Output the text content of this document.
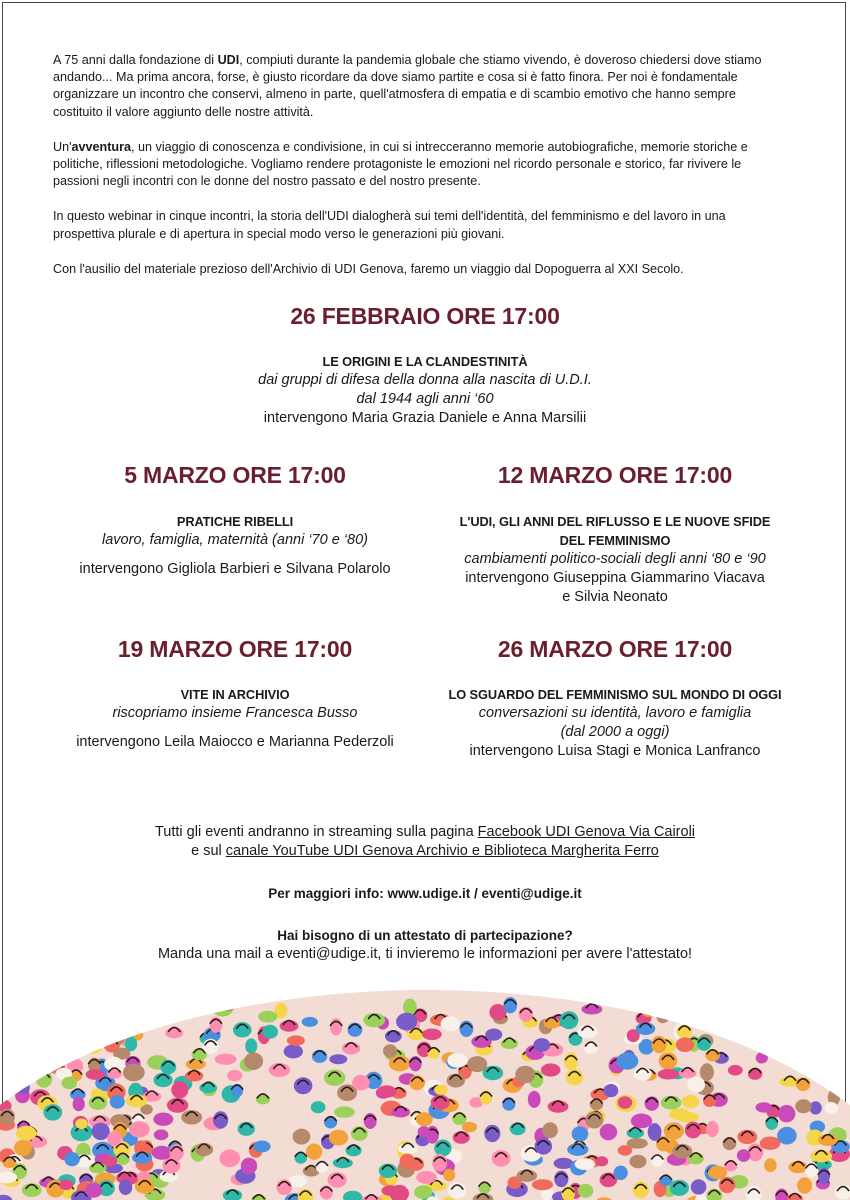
A 75 anni dalla fondazione di UDI, compiuti durante la pandemia globale che stiamo vivendo, è doveroso chiedersi dove stiamo andando... Ma prima ancora, forse, è giusto ricordare da dove siamo partite e cosa si è fatto finora. Per noi è fondamentale organizzare un incontro che conservi, almeno in parte, quell'atmosfera di empatia e di scambio emotivo che hanno sempre costituito il valore aggiunto delle nostre attività.

Un'avventura, un viaggio di conoscenza e condivisione, in cui si intrecceranno memorie autobiografiche, memorie storiche e politiche, riflessioni metodologiche. Vogliamo rendere protagoniste le emozioni nel ricordo personale e storico, far rivivere le passioni negli incontri con le donne del nostro passato e del nostro presente.

In questo webinar in cinque incontri, la storia dell'UDI dialogherà sui temi dell'identità, del femminismo e del lavoro in una prospettiva plurale e di apertura in special modo verso le generazioni più giovani.

Con l'ausilio del materiale prezioso dell'Archivio di UDI Genova, faremo un viaggio dal Dopoguerra al XXI Secolo.

26 FEBBRAIO ORE 17:00
LE ORIGINI E LA CLANDESTINITÀ
dai gruppi di difesa della donna alla nascita di U.D.I.
dal 1944 agli anni ‘60
intervengono Maria Grazia Daniele e Anna Marsilii
5 MARZO ORE 17:00
PRATICHE RIBELLI
lavoro, famiglia, maternità (anni ‘70 e ‘80)
intervengono Gigliola Barbieri e Silvana Polarolo
12 MARZO ORE 17:00
L'UDI, GLI ANNI DEL RIFLUSSO E LE NUOVE SFIDE
DEL FEMMINISMO
cambiamenti politico-sociali degli anni ‘80 e ‘90
intervengono Giuseppina Giammarino Viacava
e Silvia Neonato
19 MARZO ORE 17:00
VITE IN ARCHIVIO
riscopriamo insieme Francesca Busso
intervengono Leila Maiocco e Marianna Pederzoli
26 MARZO ORE 17:00
LO SGUARDO DEL FEMMINISMO SUL MONDO DI OGGI
conversazioni su identità, lavoro e famiglia
(dal 2000 a oggi)
intervengono Luisa Stagi e Monica Lanfranco
Tutti gli eventi andranno in streaming sulla pagina Facebook UDI Genova Via Cairoli
e sul canale YouTube UDI Genova Archivio e Biblioteca Margherita Ferro
Per maggiori info: www.udige.it / eventi@udige.it
Hai bisogno di un attestato di partecipazione?
Manda una mail a eventi@udige.it, ti invieremo le informazioni per avere l'attestato!
